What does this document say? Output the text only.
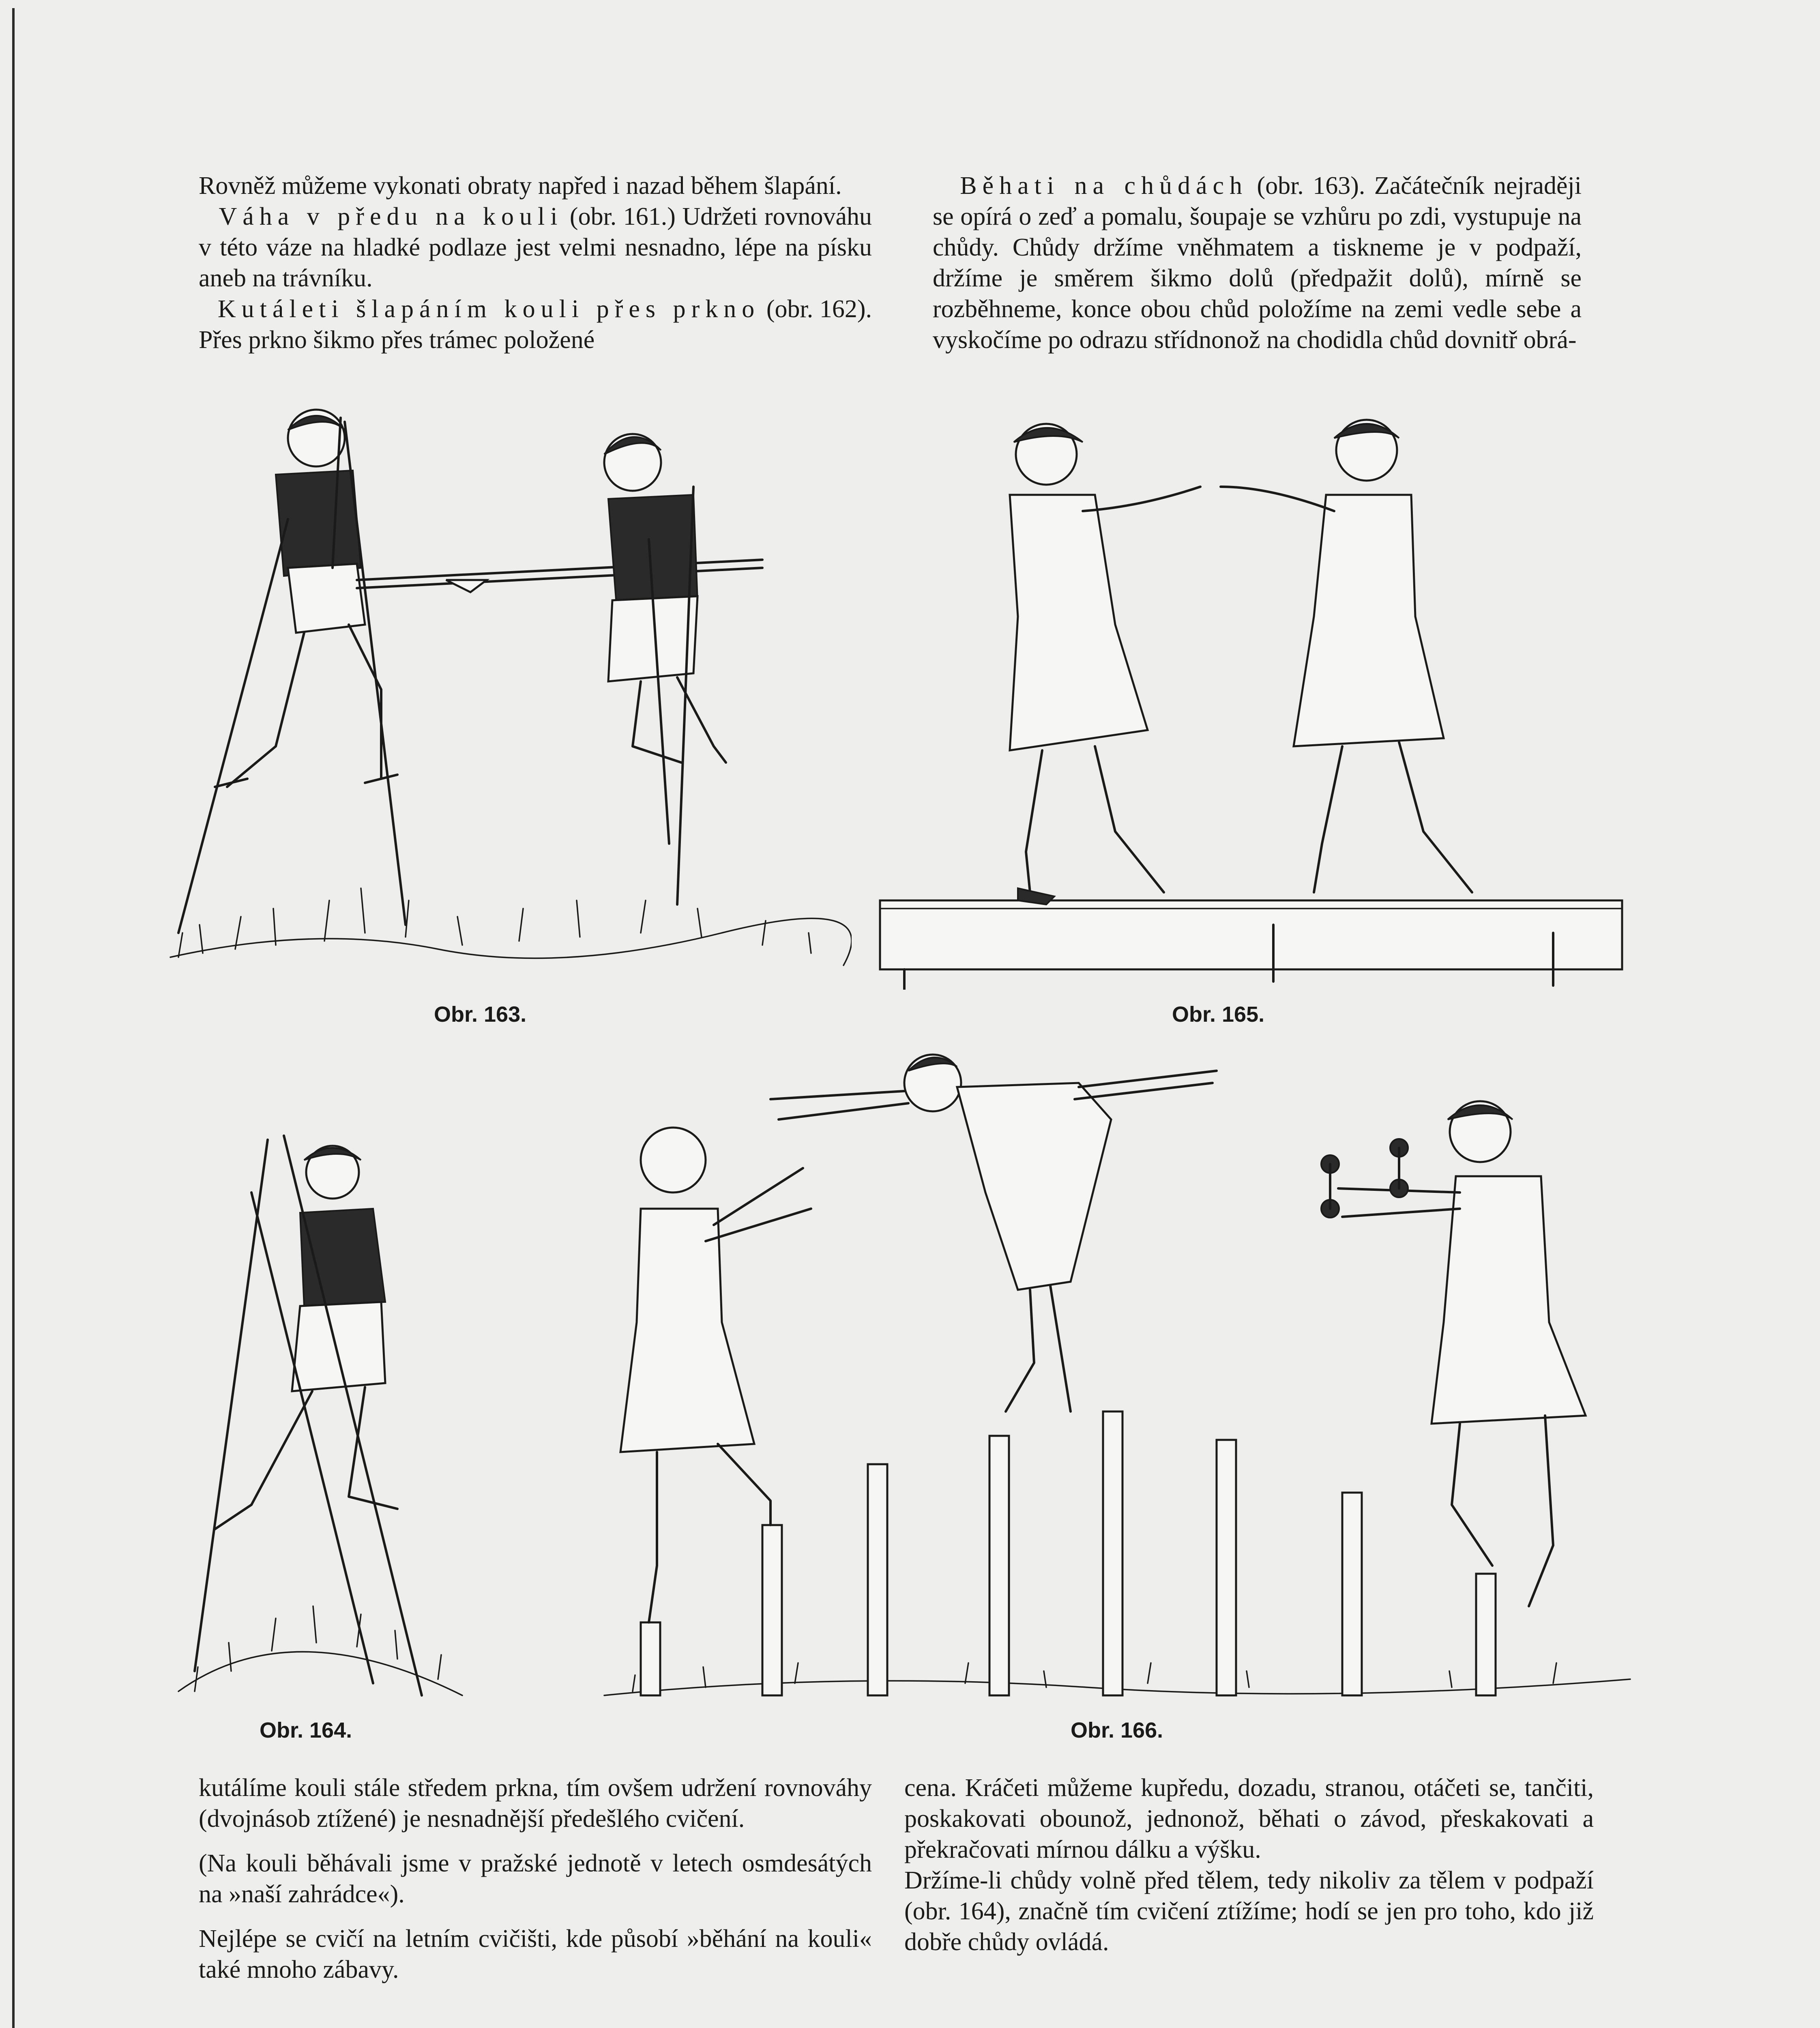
Rovněž můžeme vykonati obraty napřed i nazad během šlapání.

Váha v předu na kouli (obr. 161.) Udržeti rovnováhu v této váze na hladké podlaze jest velmi nesnadno, lépe na písku aneb na trávníku.

Kutáleti šlapáním kouli přes prkno (obr. 162). Přes prkno šikmo přes trámec položené

Běhati na chůdách (obr. 163). Začátečník nejraději se opírá o zeď a pomalu, šoupaje se vzhůru po zdi, vystupuje na chůdy. Chůdy držíme vněhmatem a tiskneme je v podpaží, držíme je směrem šikmo dolů (předpažit dolů), mírně se rozběhneme, konce obou chůd položíme na zemi vedle sebe a vyskočíme po odrazu střídnonož na chodidla chůd dovnitř obrá-

Obr. 163.	Obr. 165.
Obr. 164.	Obr. 166.

kutálíme kouli stále středem prkna, tím ovšem udržení rovnováhy (dvojnásob ztížené) je nesnadnější předešlého cvičení.

(Na kouli běhávali jsme v pražské jednotě v letech osmdesátých na »naší zahrádce«).

Nejlépe se cvičí na letním cvičišti, kde působí »běhání na kouli« také mnoho zábavy.

cena. Kráčeti můžeme kupředu, dozadu, stranou, otáčeti se, tančiti, poskakovati obounož, jednonož, běhati o závod, přeskakovati a překračovati mírnou dálku a výšku.

Držíme-li chůdy volně před tělem, tedy nikoliv za tělem v podpaží (obr. 164), značně tím cvičení ztížíme; hodí se jen pro toho, kdo již dobře chůdy ovládá.
